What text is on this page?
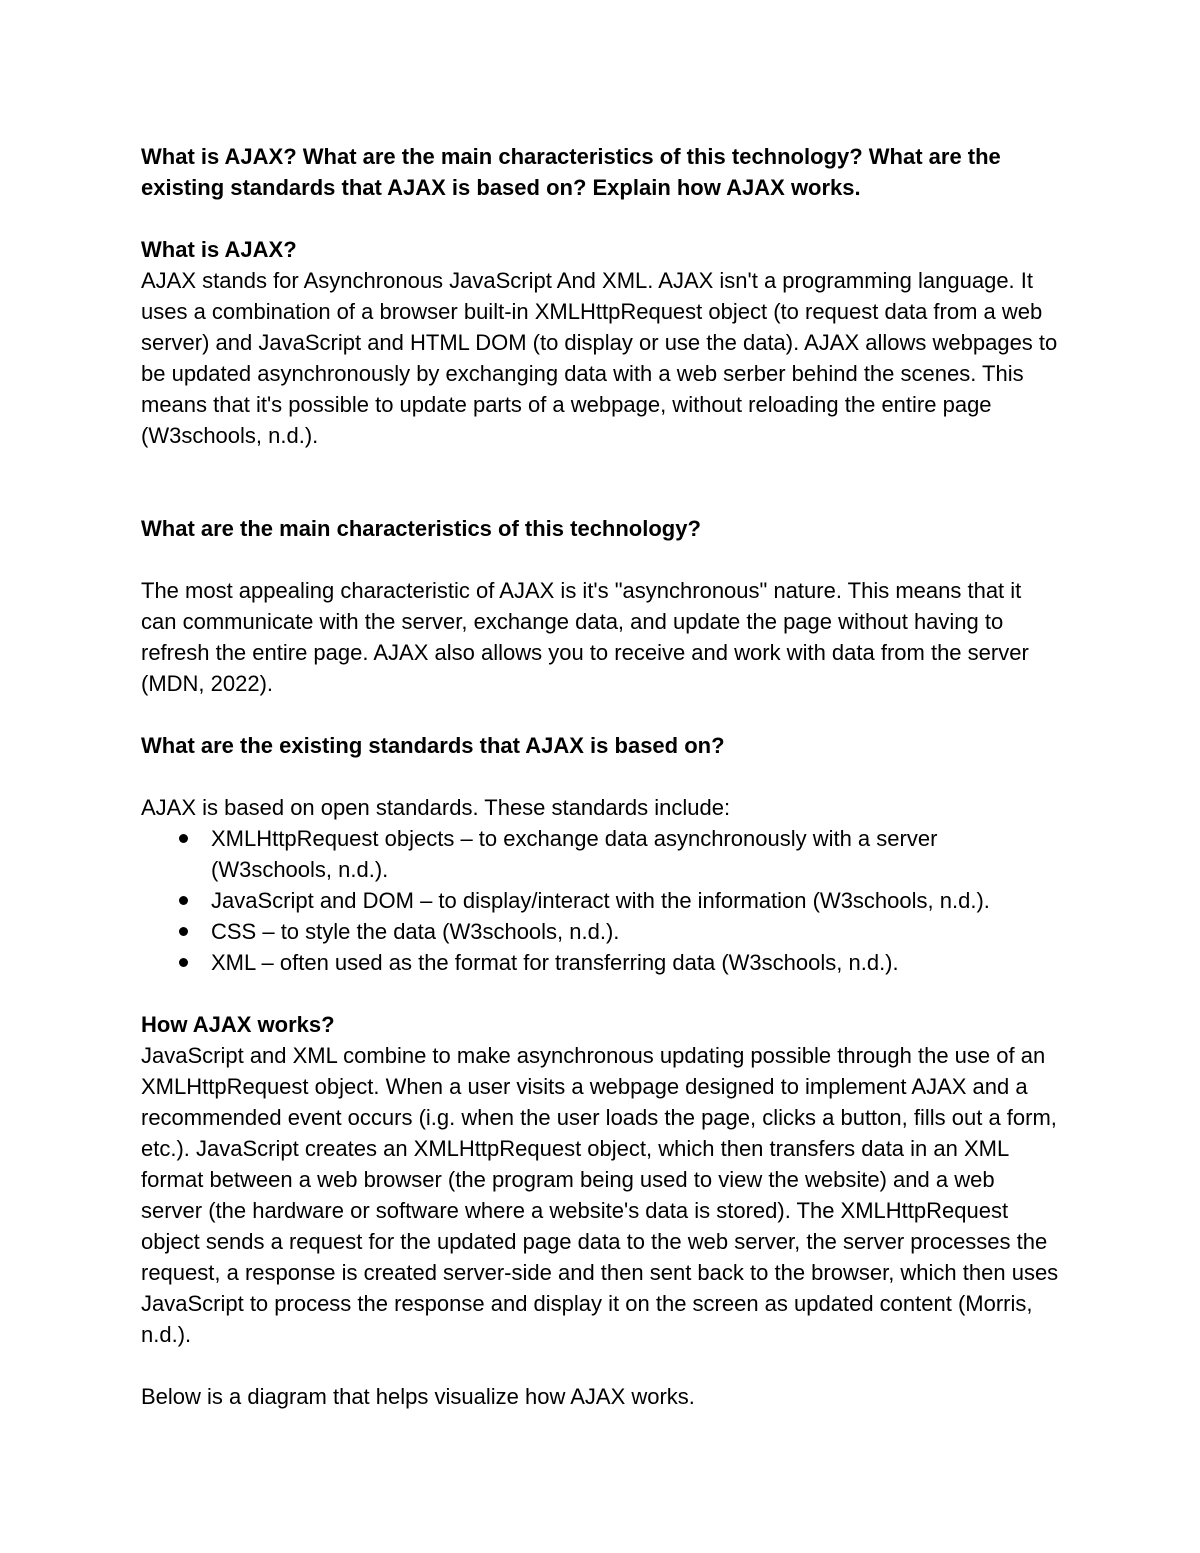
What is AJAX? What are the main characteristics of this technology? What are the existing standards that AJAX is based on? Explain how AJAX works.

What is AJAX?

AJAX stands for Asynchronous JavaScript And XML. AJAX isn't a programming language. It uses a combination of a browser built-in XMLHttpRequest object (to request data from a web server) and JavaScript and HTML DOM (to display or use the data). AJAX allows webpages to be updated asynchronously by exchanging data with a web serber behind the scenes. This means that it's possible to update parts of a webpage, without reloading the entire page (W3schools, n.d.).

What are the main characteristics of this technology?

The most appealing characteristic of AJAX is it's "asynchronous" nature. This means that it can communicate with the server, exchange data, and update the page without having to refresh the entire page. AJAX also allows you to receive and work with data from the server (MDN, 2022).

What are the existing standards that AJAX is based on?

AJAX is based on open standards. These standards include:

XMLHttpRequest objects – to exchange data asynchronously with a server (W3schools, n.d.).
JavaScript and DOM – to display/interact with the information (W3schools, n.d.).
CSS – to style the data (W3schools, n.d.).
XML – often used as the format for transferring data (W3schools, n.d.).

How AJAX works?

JavaScript and XML combine to make asynchronous updating possible through the use of an XMLHttpRequest object. When a user visits a webpage designed to implement AJAX and a recommended event occurs (i.g. when the user loads the page, clicks a button, fills out a form, etc.). JavaScript creates an XMLHttpRequest object, which then transfers data in an XML format between a web browser (the program being used to view the website) and a web server (the hardware or software where a website's data is stored). The XMLHttpRequest object sends a request for the updated page data to the web server, the server processes the request, a response is created server-side and then sent back to the browser, which then uses JavaScript to process the response and display it on the screen as updated content (Morris, n.d.).

Below is a diagram that helps visualize how AJAX works.
